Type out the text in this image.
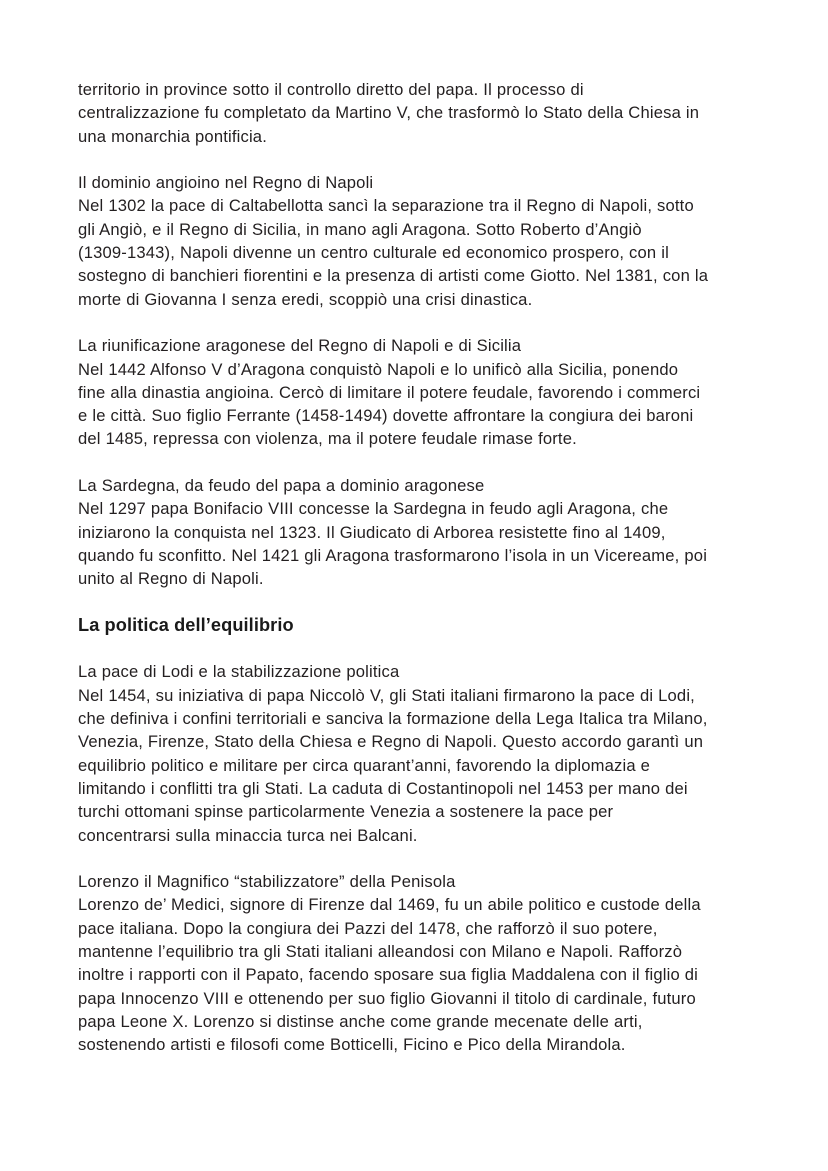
territorio in province sotto il controllo diretto del papa. Il processo di
centralizzazione fu completato da Martino V, che trasformò lo Stato della Chiesa in
una monarchia pontificia.
Il dominio angioino nel Regno di Napoli
Nel 1302 la pace di Caltabellotta sancì la separazione tra il Regno di Napoli, sotto
gli Angiò, e il Regno di Sicilia, in mano agli Aragona. Sotto Roberto d’Angiò
(1309-1343), Napoli divenne un centro culturale ed economico prospero, con il
sostegno di banchieri fiorentini e la presenza di artisti come Giotto. Nel 1381, con la
morte di Giovanna I senza eredi, scoppiò una crisi dinastica.
La riunificazione aragonese del Regno di Napoli e di Sicilia
Nel 1442 Alfonso V d’Aragona conquistò Napoli e lo unificò alla Sicilia, ponendo
fine alla dinastia angioina. Cercò di limitare il potere feudale, favorendo i commerci
e le città. Suo figlio Ferrante (1458-1494) dovette affrontare la congiura dei baroni
del 1485, repressa con violenza, ma il potere feudale rimase forte.
La Sardegna, da feudo del papa a dominio aragonese
Nel 1297 papa Bonifacio VIII concesse la Sardegna in feudo agli Aragona, che
iniziarono la conquista nel 1323. Il Giudicato di Arborea resistette fino al 1409,
quando fu sconfitto. Nel 1421 gli Aragona trasformarono l’isola in un Vicereame, poi
unito al Regno di Napoli.
La politica dell’equilibrio
La pace di Lodi e la stabilizzazione politica
Nel 1454, su iniziativa di papa Niccolò V, gli Stati italiani firmarono la pace di Lodi,
che definiva i confini territoriali e sanciva la formazione della Lega Italica tra Milano,
Venezia, Firenze, Stato della Chiesa e Regno di Napoli. Questo accordo garantì un
equilibrio politico e militare per circa quarant’anni, favorendo la diplomazia e
limitando i conflitti tra gli Stati. La caduta di Costantinopoli nel 1453 per mano dei
turchi ottomani spinse particolarmente Venezia a sostenere la pace per
concentrarsi sulla minaccia turca nei Balcani.
Lorenzo il Magnifico “stabilizzatore” della Penisola
Lorenzo de’ Medici, signore di Firenze dal 1469, fu un abile politico e custode della
pace italiana. Dopo la congiura dei Pazzi del 1478, che rafforzò il suo potere,
mantenne l’equilibrio tra gli Stati italiani alleandosi con Milano e Napoli. Rafforzò
inoltre i rapporti con il Papato, facendo sposare sua figlia Maddalena con il figlio di
papa Innocenzo VIII e ottenendo per suo figlio Giovanni il titolo di cardinale, futuro
papa Leone X. Lorenzo si distinse anche come grande mecenate delle arti,
sostenendo artisti e filosofi come Botticelli, Ficino e Pico della Mirandola.
